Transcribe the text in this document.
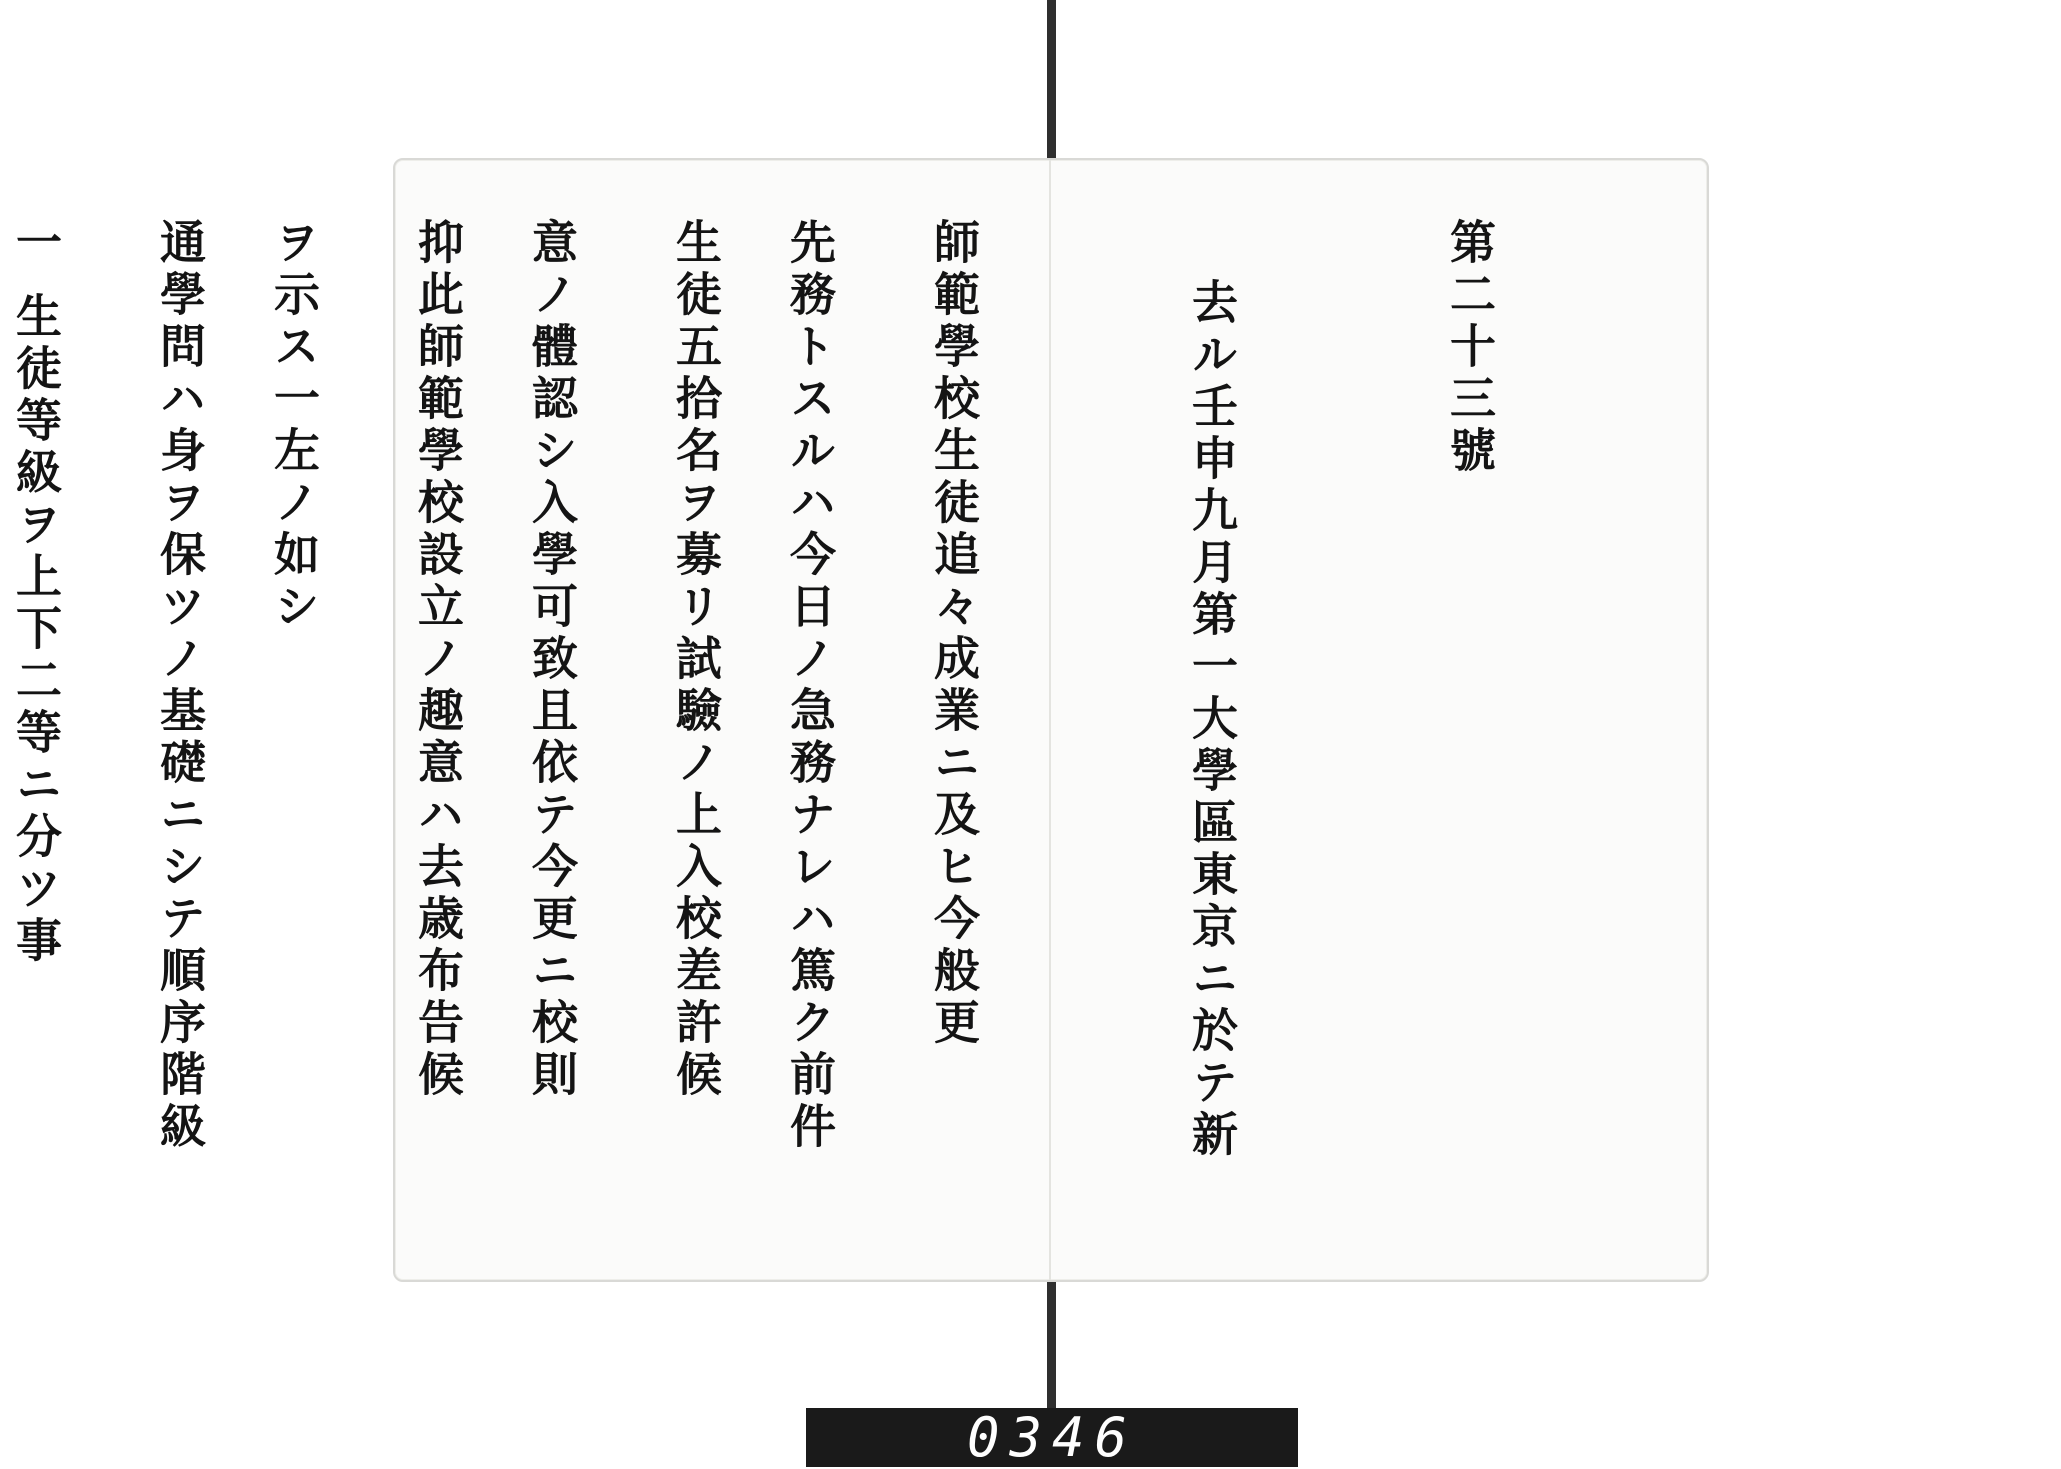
第二十三號

去ル壬申九月第一大學區東京ニ於テ新

師範學校生徒追々成業ニ及ヒ今般更

生徒五拾名ヲ募リ試驗ノ上入校差許候

抑此師範學校設立ノ趣意ハ去歳布告候

通學問ハ身ヲ保ツノ基礎ニシテ順序階級

	先務トスルハ今日ノ急務ナレハ篤ク前件

意ノ體認シ入學可致且依テ今更ニ校則

ヲ示ス一左ノ如シ

一 生徒等級ヲ上下二等ニ分ツ事

0346
